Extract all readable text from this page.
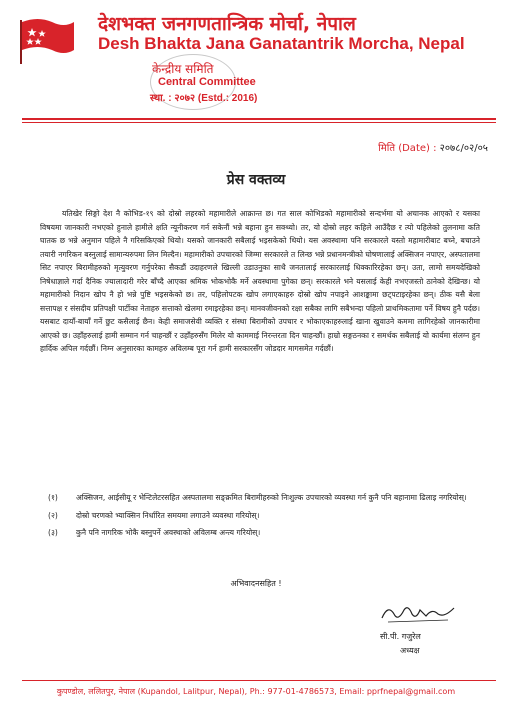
देशभक्त जनगणतान्त्रिक मोर्चा, नेपाल
Desh Bhakta Jana Ganatantrik Morcha, Nepal
केन्द्रीय समिति
Central Committee
स्था. : २०७२ (Estd.: 2016)
मिति (Date) : २०७८/०२/०५
प्रेस वक्तव्य

यतिखेर सिङ्गो देश नै कोभिड-१९ को दोस्रो लहरको महामारीले आक्रान्त छ। गत साल कोभिडको महामारीको सन्दर्भमा यो अचानक आएको र यसका विषयमा जानकारी नभएको हुनाले हामीले क्षति न्यूनीकरण गर्न सकेनौं भन्ने बहाना हुन सक्थ्यो। तर, यो दोस्रो लहर कहिले आउँदैछ र त्यो पहिलेको तुलनामा कति घातक छ भन्ने अनुमान पहिले नै गरिसकिएको थियो। यसको जानकारी सबैलाई भइसकेको थियो। यस अवस्थामा पनि सरकारले यस्तो महामारीबाट बच्ने, बचाउने तयारी नगरिकन बस्नुलाई सामान्यरुपमा लिन मिल्दैन। महामारीको उपचारको जिम्मा सरकारले त लिन्छ भन्ने प्रधानमन्त्रीको घोषणालाई अक्सिजन नपाएर, अस्पतालमा सिट नपाएर बिरामीहरुको मृत्युवरण गर्नुपरेका सैकडौं उदाहरणले खिल्ली उडाउनुका साथै जनतालाई सरकारलाई धिक्कारिरहेका छन्। उता, लामो समयदेखिको निषेधाज्ञाले गर्दा दैनिक ज्यालादारी गरेर बाँच्दै आएका श्रमिक भोकभोकै मर्ने अवस्थामा पुगेका छन्। सरकारले भने यसलाई केही नभएजस्तो ठानेको देखिन्छ। यो महामारीको निदान खोप नै हो भन्ने पुष्टि भइसकेको छ। तर, पहिलोपटक खोप लगाएकाहरु दोस्रो खोप नपाइने आशङ्कामा छट्पटाइरहेका छन्। ठीक यसै बेला सत्तापक्ष र संसदीय प्रतिपक्षी पार्टीका नेताहरु सत्ताको खेलमा रमाइरहेका छन्। मानवजीवनको रक्षा सबैका लागि सबैभन्दा पहिलो प्राथमिकतामा पर्ने विषय हुनै पर्दछ। यसबाट दायाँ-बायाँ गर्ने छुट कसैलाई छैन। केही समाजसेवी व्यक्ति र संस्था बिरामीको उपचार र भोकाएकाहरुलाई खाना खुवाउने कममा लागिरहेको जानकारीमा आएको छ। उहाँहरुलाई हामी सम्मान गर्न चाहन्छौं र उहाँहरुसँग मिलेर यो काममाई निरन्तरता दिन चाहन्छौं। हाम्रो सङ्गठनका र समर्थक सबैलाई यो कार्यमा संलग्न हुन हार्दिक अपिल गर्दछौं। निम्न अनुसारका कामहरु अविलम्ब पूरा गर्न हामी सरकारसँग जोडदार मागसमेत गर्दछौं।

(१) अक्सिजन, आईसीयू र भेन्टिलेटरसहित अस्पतालमा सङ्क्रमित बिरामीहरुको निःशुल्क उपचारको व्यवस्था गर्न कुनै पनि बहानामा ढिलाइ नगरियोस्।
(२) दोस्रो चरणको भ्याक्सिन निर्धारित समयमा लगाउने व्यवस्था गरियोस्।
(३) कुनै पनि नागरिक भोकै बस्नुपर्ने अवस्थाको अविलम्ब अन्त्य गरियोस्।
अभिवादनसहित !
सी.पी. गजुरेल
अध्यक्ष
कुपण्डोल, ललितपुर, नेपाल (Kupandol, Lalitpur, Nepal), Ph.: 977-01-4786573, Email: pprfnepal@gmail.com
